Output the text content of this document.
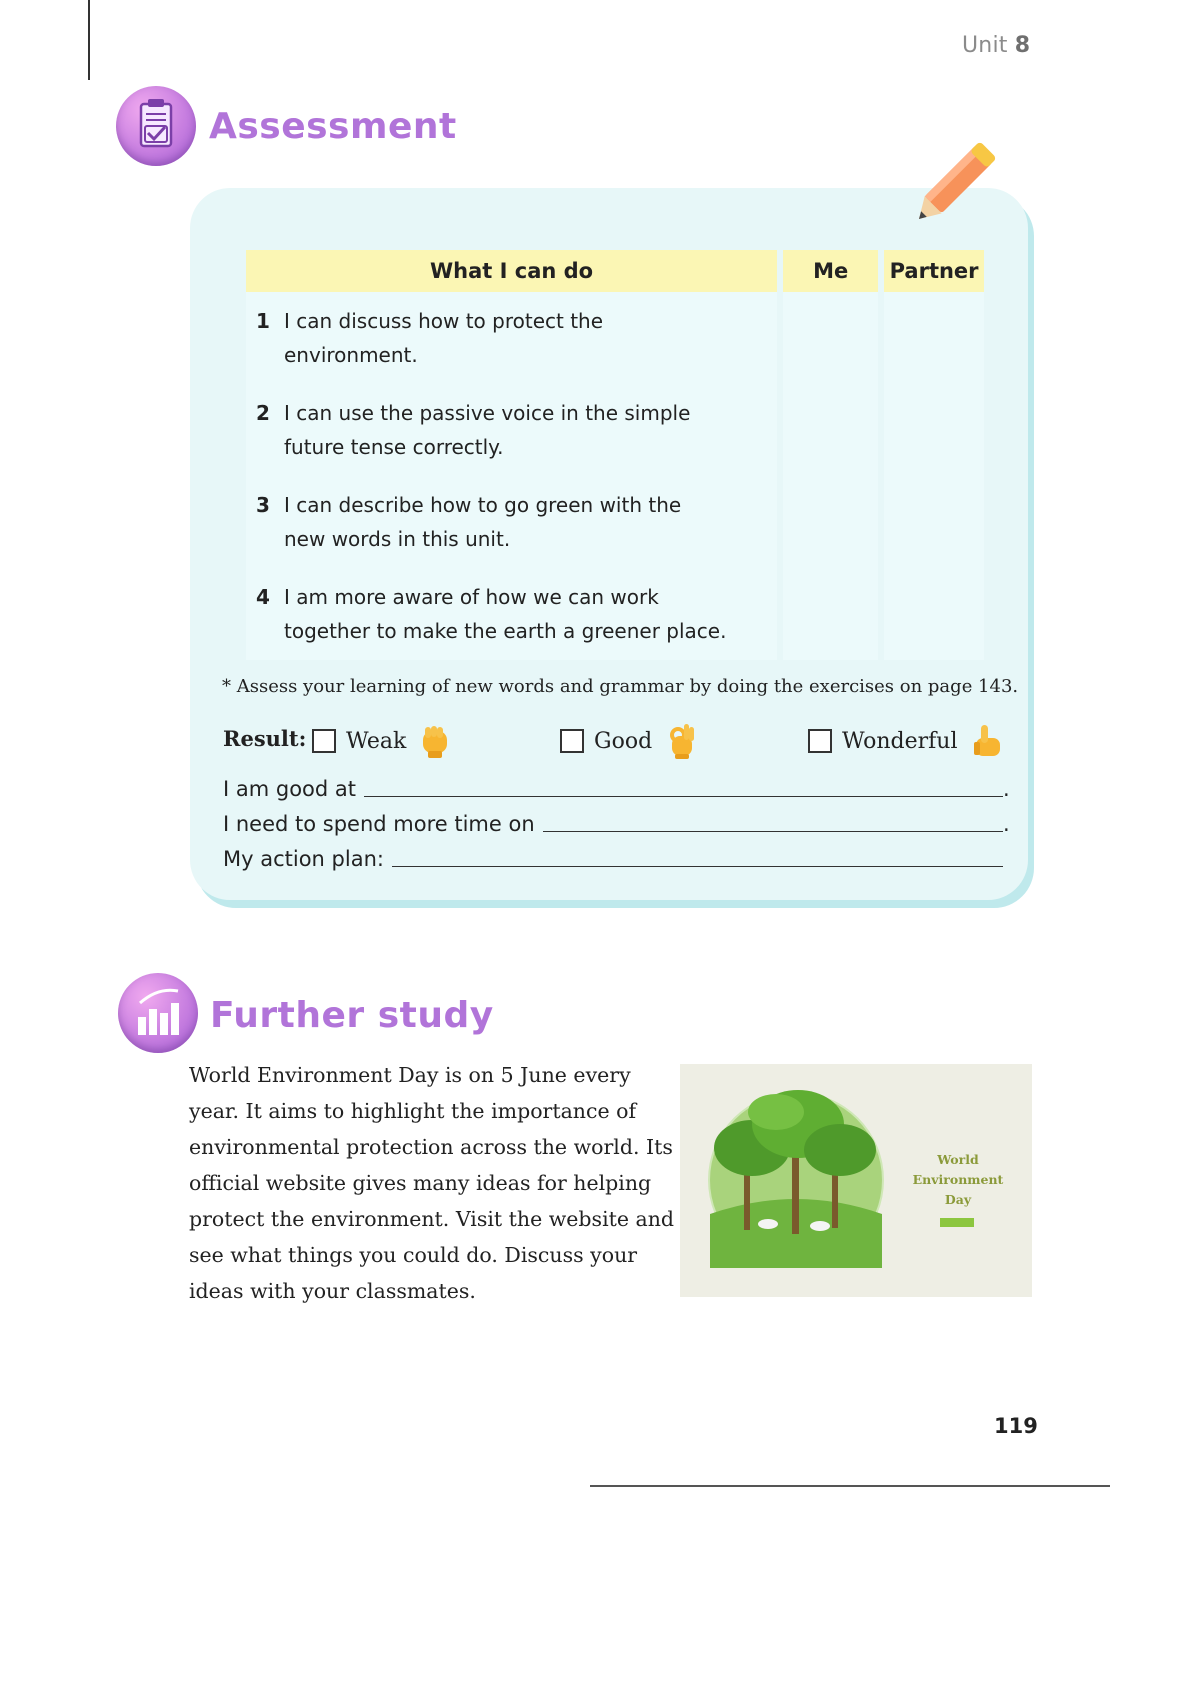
Unit 8
Assessment
What I can do	Me	Partner

1 I can discuss how to protect the environment.		

2 I can use the passive voice in the simple future tense correctly.		

3 I can describe how to go green with the new words in this unit.		

4 I am more aware of how we can work together to make the earth a greener place.		

* Assess your learning of new words and grammar by doing the exercises on page 143.
Result: Weak	Good	Wonderful
I am good at	.
I need to spend more time on	.
My action plan:
Further study
World Environment Day is on 5 June every year. It aims to highlight the importance of environmental protection across the world. Its official website gives many ideas for helping protect the environment. Visit the website and see what things you could do. Discuss your ideas with your classmates.
World
Environment
Day
119
